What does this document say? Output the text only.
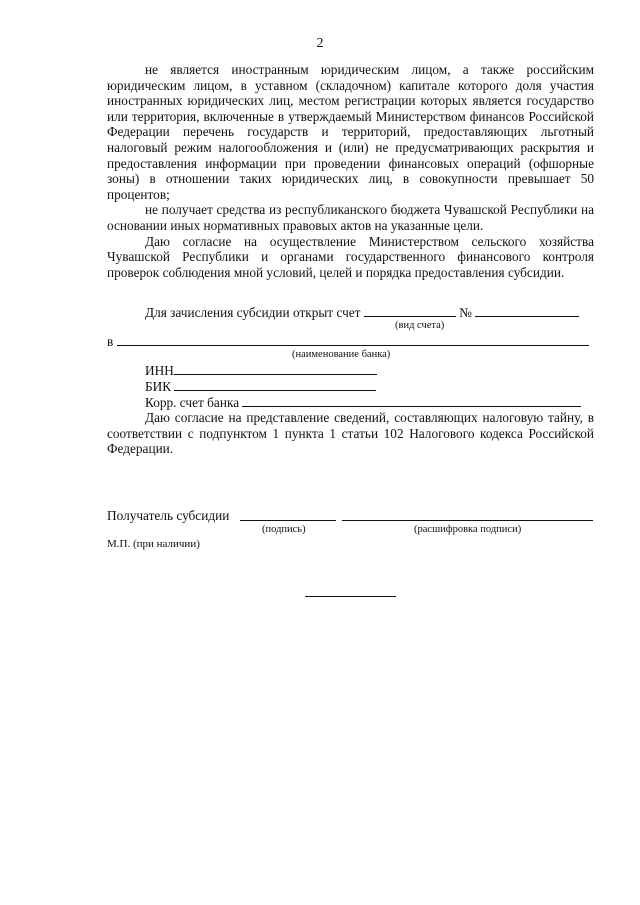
2

не является иностранным юридическим лицом, а также российским юридическим лицом, в уставном (складочном) капитале которого доля участия иностранных юридических лиц, местом регистрации которых является государство или территория, включенные в утверждаемый Министерством финансов Российской Федерации перечень государств и территорий, предоставляющих льготный налоговый режим налогообложения и (или) не предусматривающих раскрытия и предоставления информации при проведении финансовых операций (офшорные зоны) в отношении таких юридических лиц, в совокупности превышает 50 процентов;

не получает средства из республиканского бюджета Чувашской Республики на основании иных нормативных правовых актов на указанные цели.

Даю согласие на осуществление Министерством сельского хозяйства Чувашской Республики и органами государственного финансового контроля проверок соблюдения мной условий, целей и порядка предоставления субсидии.

Для зачисления субсидии открыт счет	№
(вид счета)
в
(наименование банка)
ИНН
БИК
Корр. счет банка

Даю согласие на представление сведений, составляющих налоговую тайну, в соответствии с подпунктом 1 пункта 1 статьи 102 Налогового кодекса Российской Федерации.

Получатель субсидии
(подпись)	(расшифровка подписи)
М.П. (при наличии)
